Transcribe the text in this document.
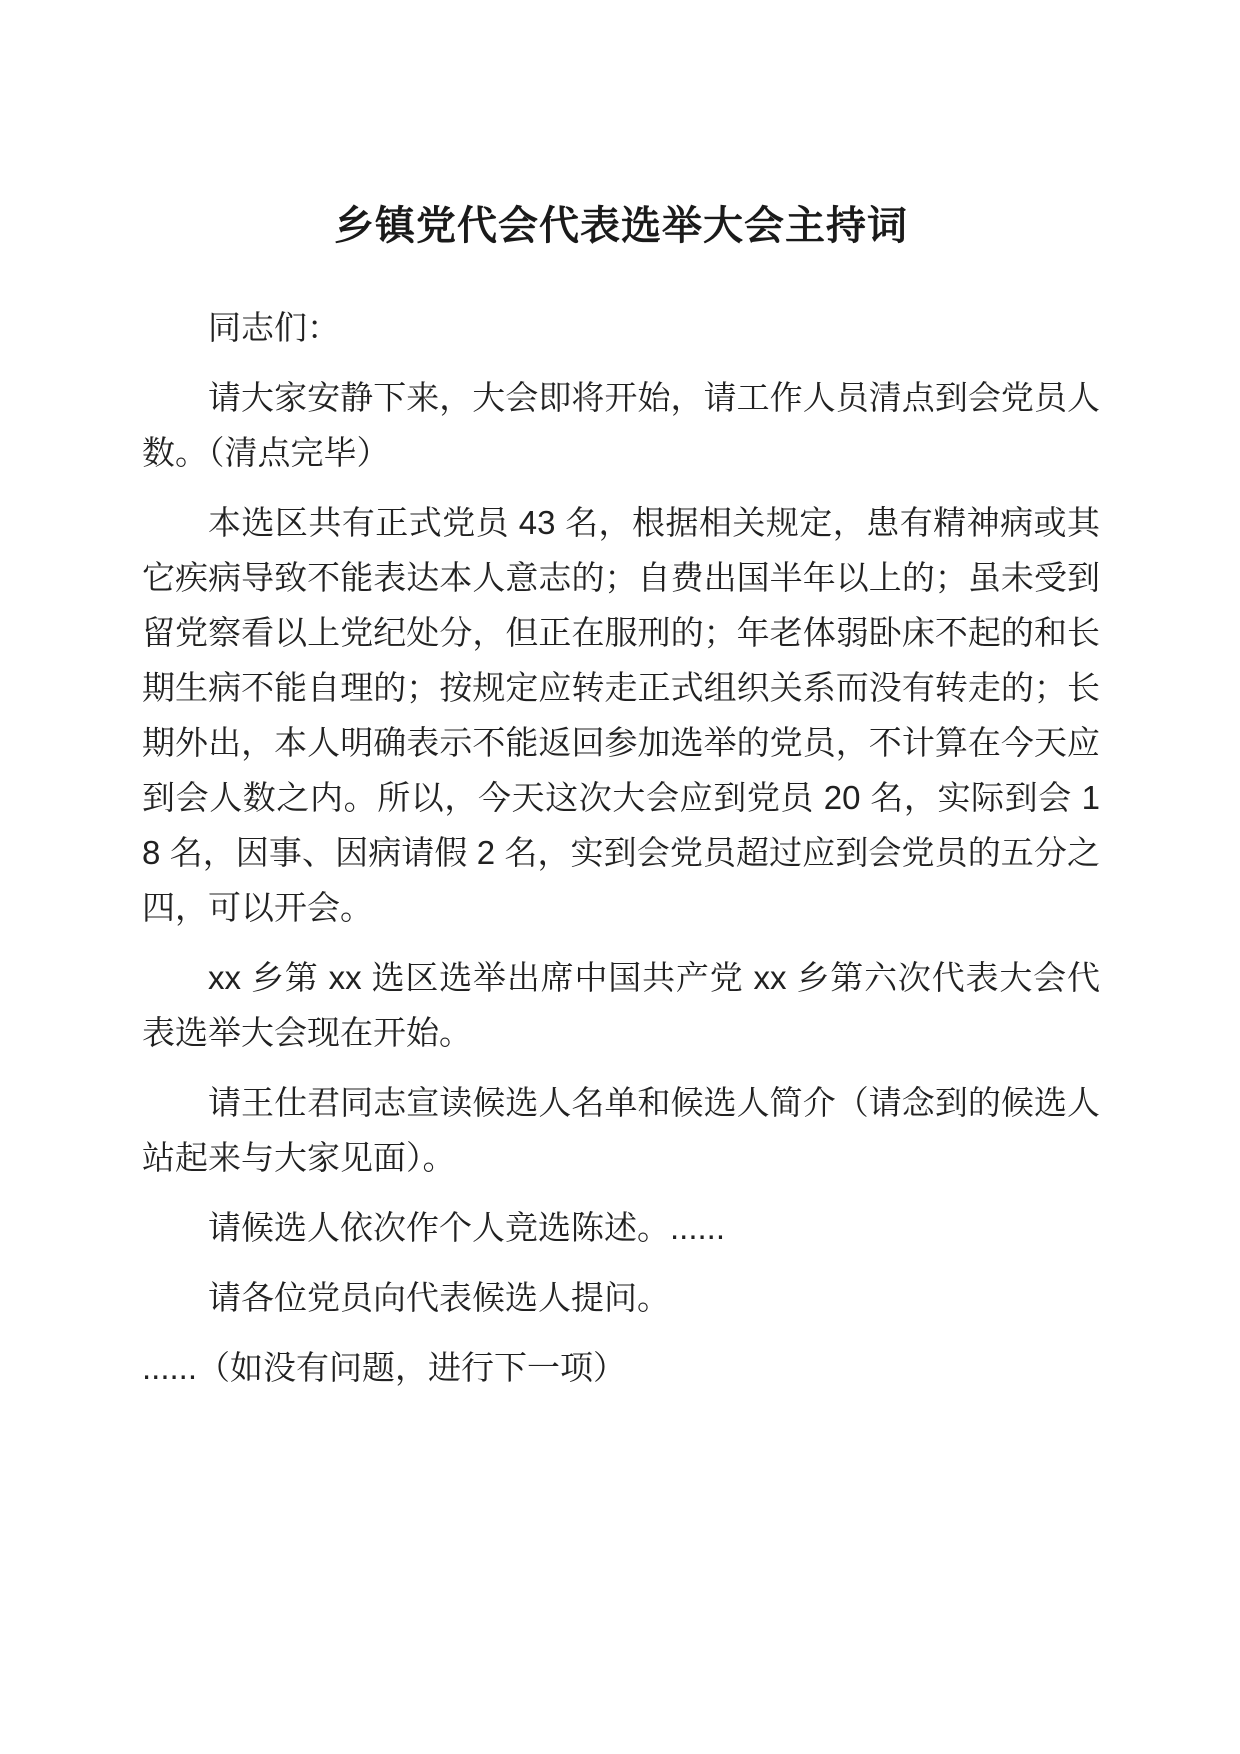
乡镇党代会代表选举大会主持词

同志们：

请大家安静下来，大会即将开始，请工作人员清点到会党员人数。（清点完毕）

本选区共有正式党员 43 名，根据相关规定，患有精神病或其它疾病导致不能表达本人意志的；自费出国半年以上的；虽未受到留党察看以上党纪处分，但正在服刑的；年老体弱卧床不起的和长期生病不能自理的；按规定应转走正式组织关系而没有转走的；长期外出，本人明确表示不能返回参加选举的党员，不计算在今天应到会人数之内。所以，今天这次大会应到党员 20 名，实际到会 18 名，因事、因病请假 2 名，实到会党员超过应到会党员的五分之四，可以开会。

xx 乡第 xx 选区选举出席中国共产党 xx 乡第六次代表大会代表选举大会现在开始。

请王仕君同志宣读候选人名单和候选人简介（请念到的候选人站起来与大家见面）。

请候选人依次作个人竞选陈述。......

请各位党员向代表候选人提问。

......（如没有问题，进行下一项）
